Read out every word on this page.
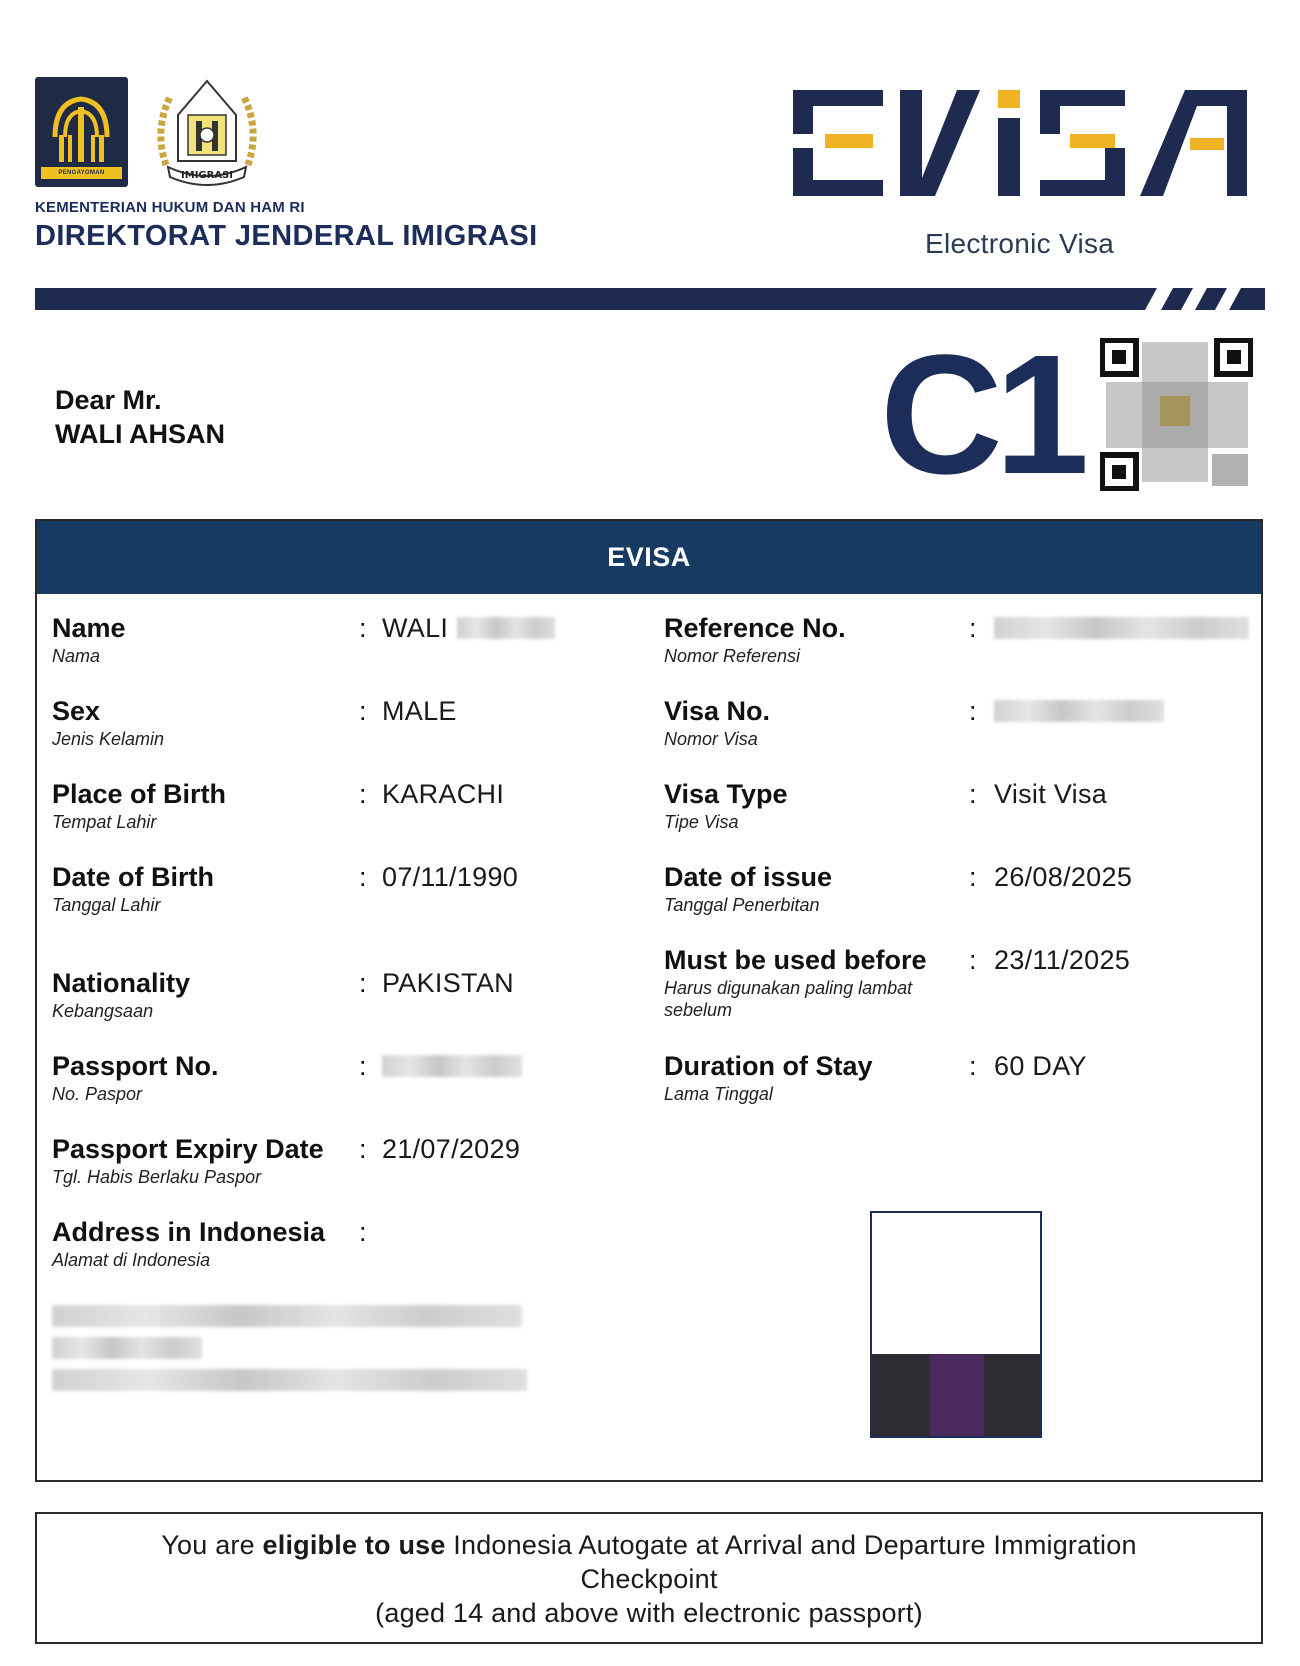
PENGAYOMAN	IMIGRASI
KEMENTERIAN HUKUM DAN HAM RI
DIREKTORAT JENDERAL IMIGRASI	Electronic Visa
Dear Mr.
WALI AHSAN	C1
EVISA
Name
Nama
: WALI
Sex
Jenis Kelamin
: MALE
Place of Birth
Tempat Lahir
: KARACHI
Date of Birth
Tanggal Lahir
: 07/11/1990
Nationality
Kebangsaan
: PAKISTAN
Passport No.
No. Paspor
:
Passport Expiry Date
Tgl. Habis Berlaku Paspor
: 21/07/2029
Address in Indonesia
Alamat di Indonesia
:
Reference No.
Nomor Referensi
:
Visa No.
Nomor Visa
:
Visa Type
Tipe Visa
: Visit Visa
Date of issue
Tanggal Penerbitan
: 26/08/2025
Must be used before
Harus digunakan paling lambat
sebelum
: 23/11/2025
Duration of Stay
Lama Tinggal
: 60 DAY
You are eligible to use Indonesia Autogate at Arrival and Departure Immigration
Checkpoint
(aged 14 and above with electronic passport)
